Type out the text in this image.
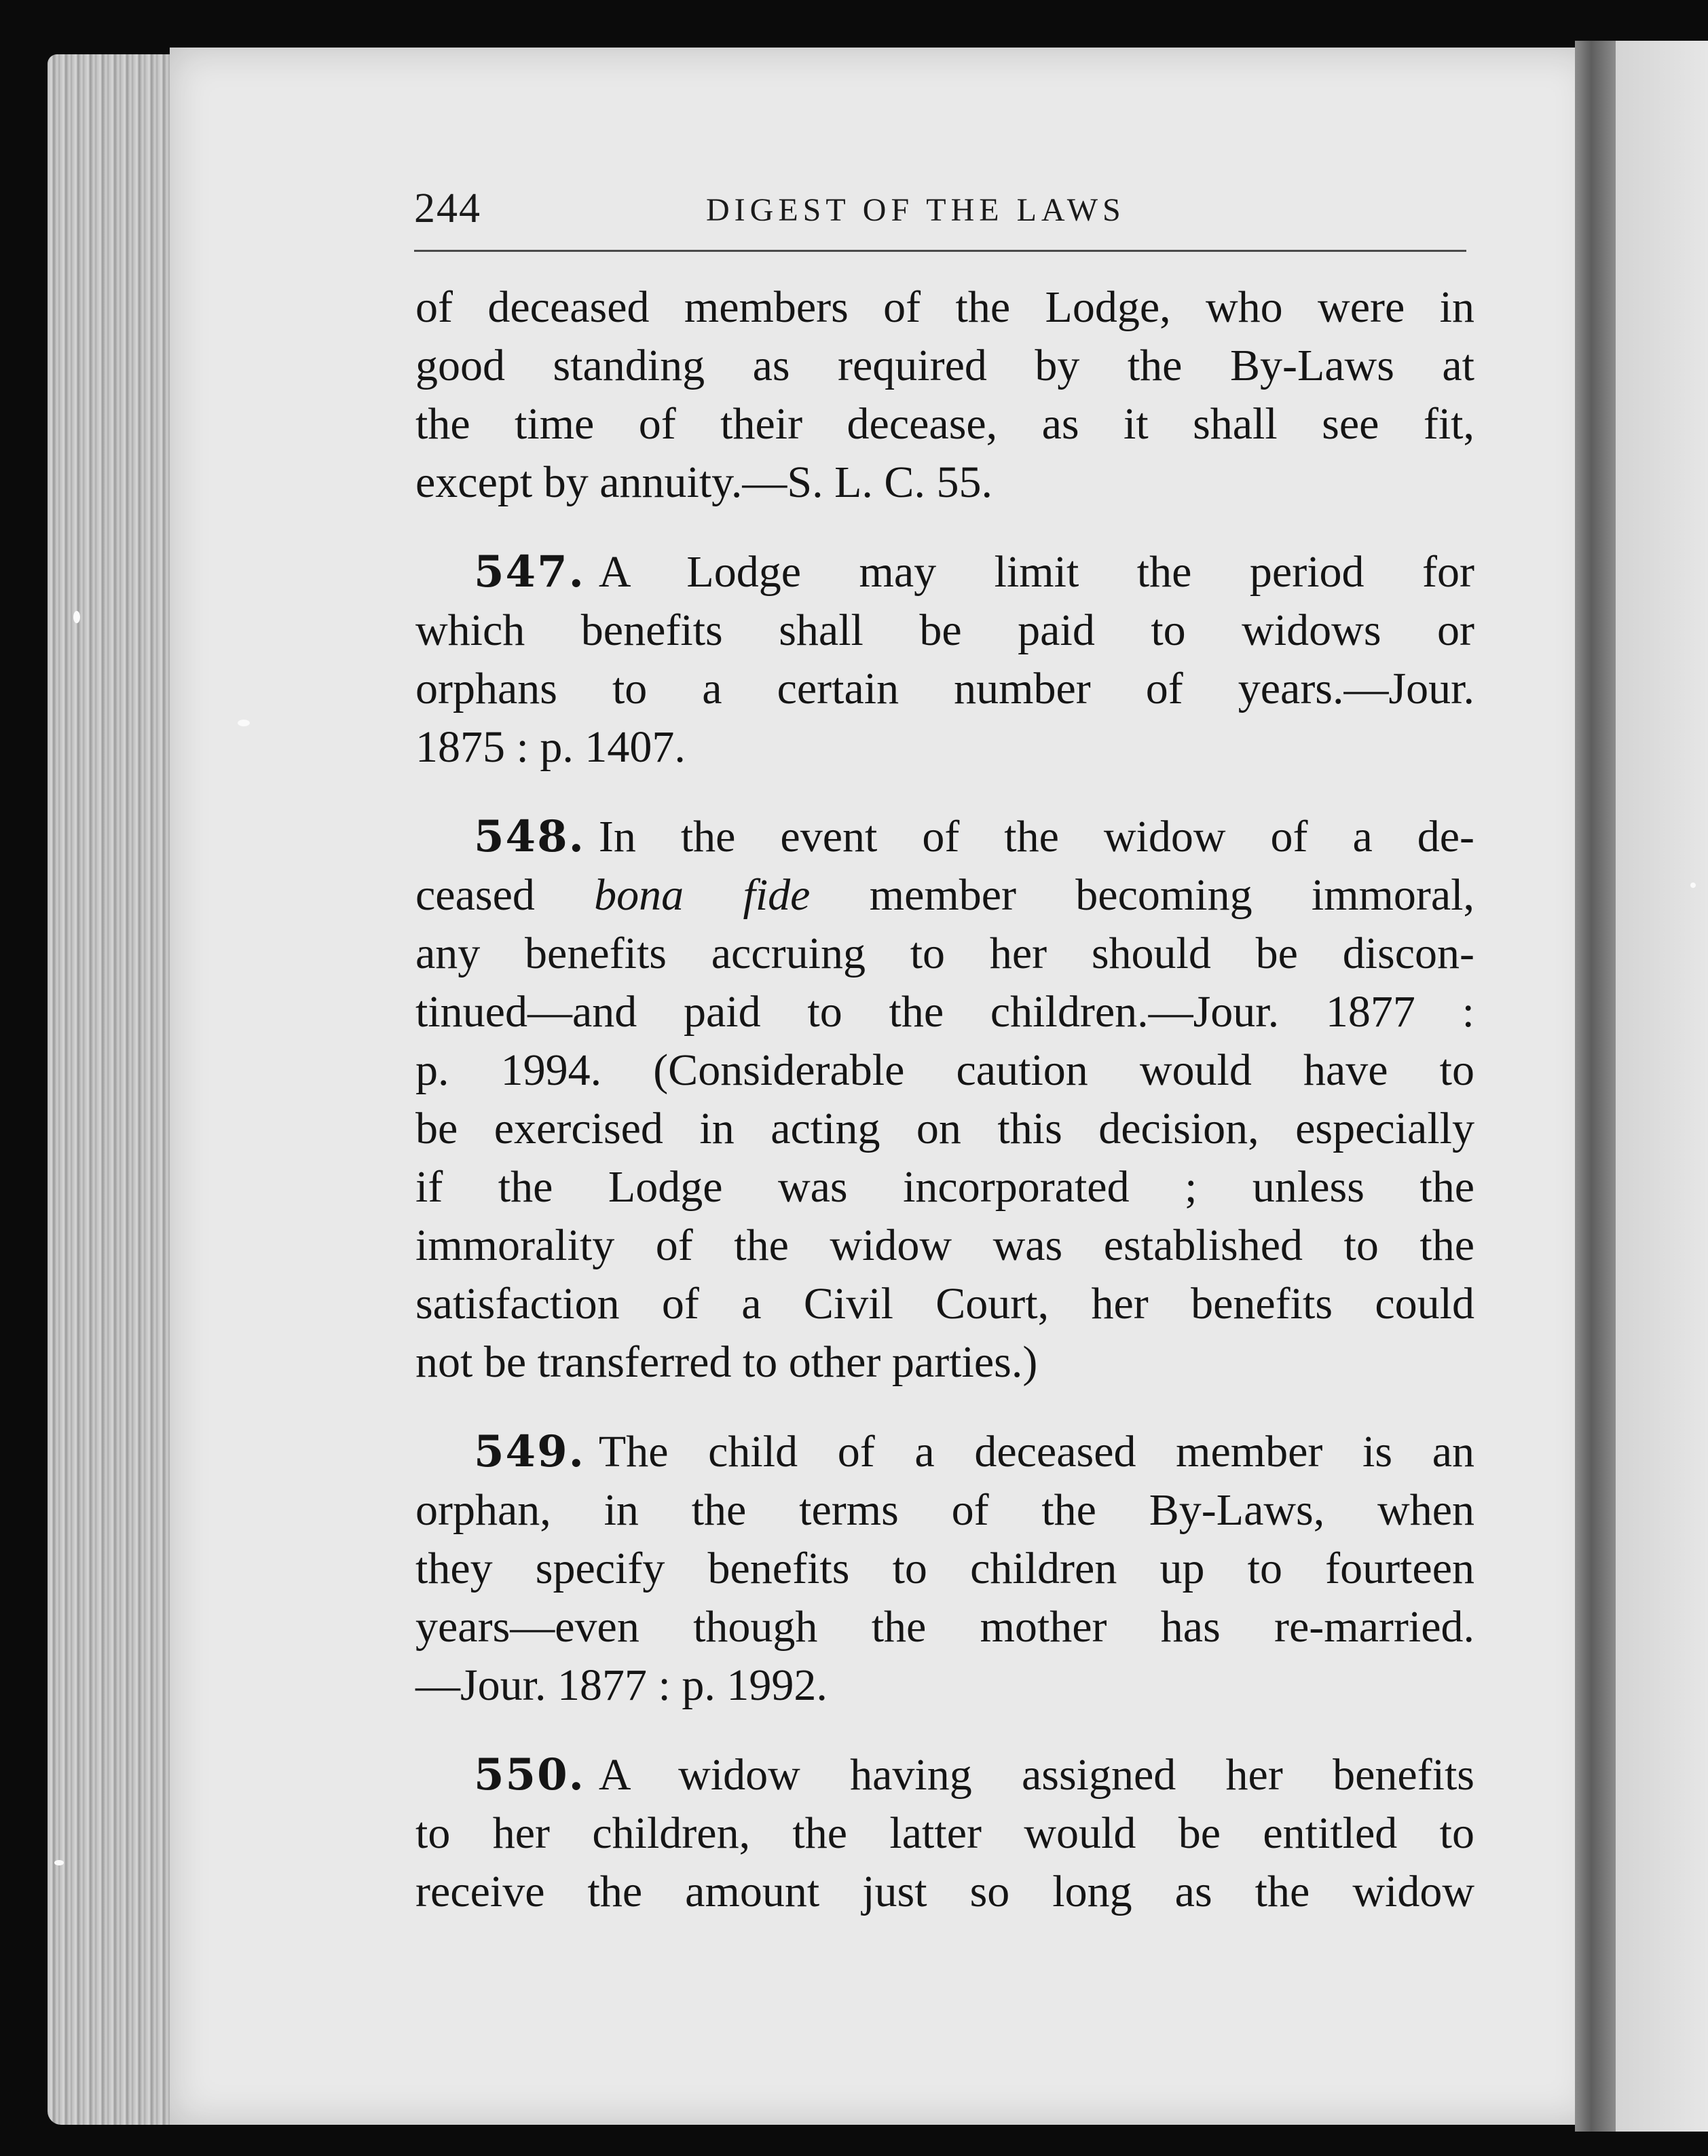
244	DIGEST OF THE LAWS
of deceased members of the Lodge, who were in
good standing as required by the By-Laws at
the time of their decease, as it shall see fit,
except by annuity.—S. L. C. 55.
547. A Lodge may limit the period for
which benefits shall be paid to widows or
orphans to a certain number of years.—Jour.
1875 : p. 1407.
548. In the event of the widow of a de-
ceased bona fide member becoming immoral,
any benefits accruing to her should be discon-
tinued—and paid to the children.—Jour. 1877 :
p. 1994. (Considerable caution would have to
be exercised in acting on this decision, especially
if the Lodge was incorporated ; unless the
immorality of the widow was established to the
satisfaction of a Civil Court, her benefits could
not be transferred to other parties.)
549. The child of a deceased member is an
orphan, in the terms of the By-Laws, when
they specify benefits to children up to fourteen
years—even though the mother has re-married.
—Jour. 1877 : p. 1992.
550. A widow having assigned her benefits
to her children, the latter would be entitled to
receive the amount just so long as the widow
